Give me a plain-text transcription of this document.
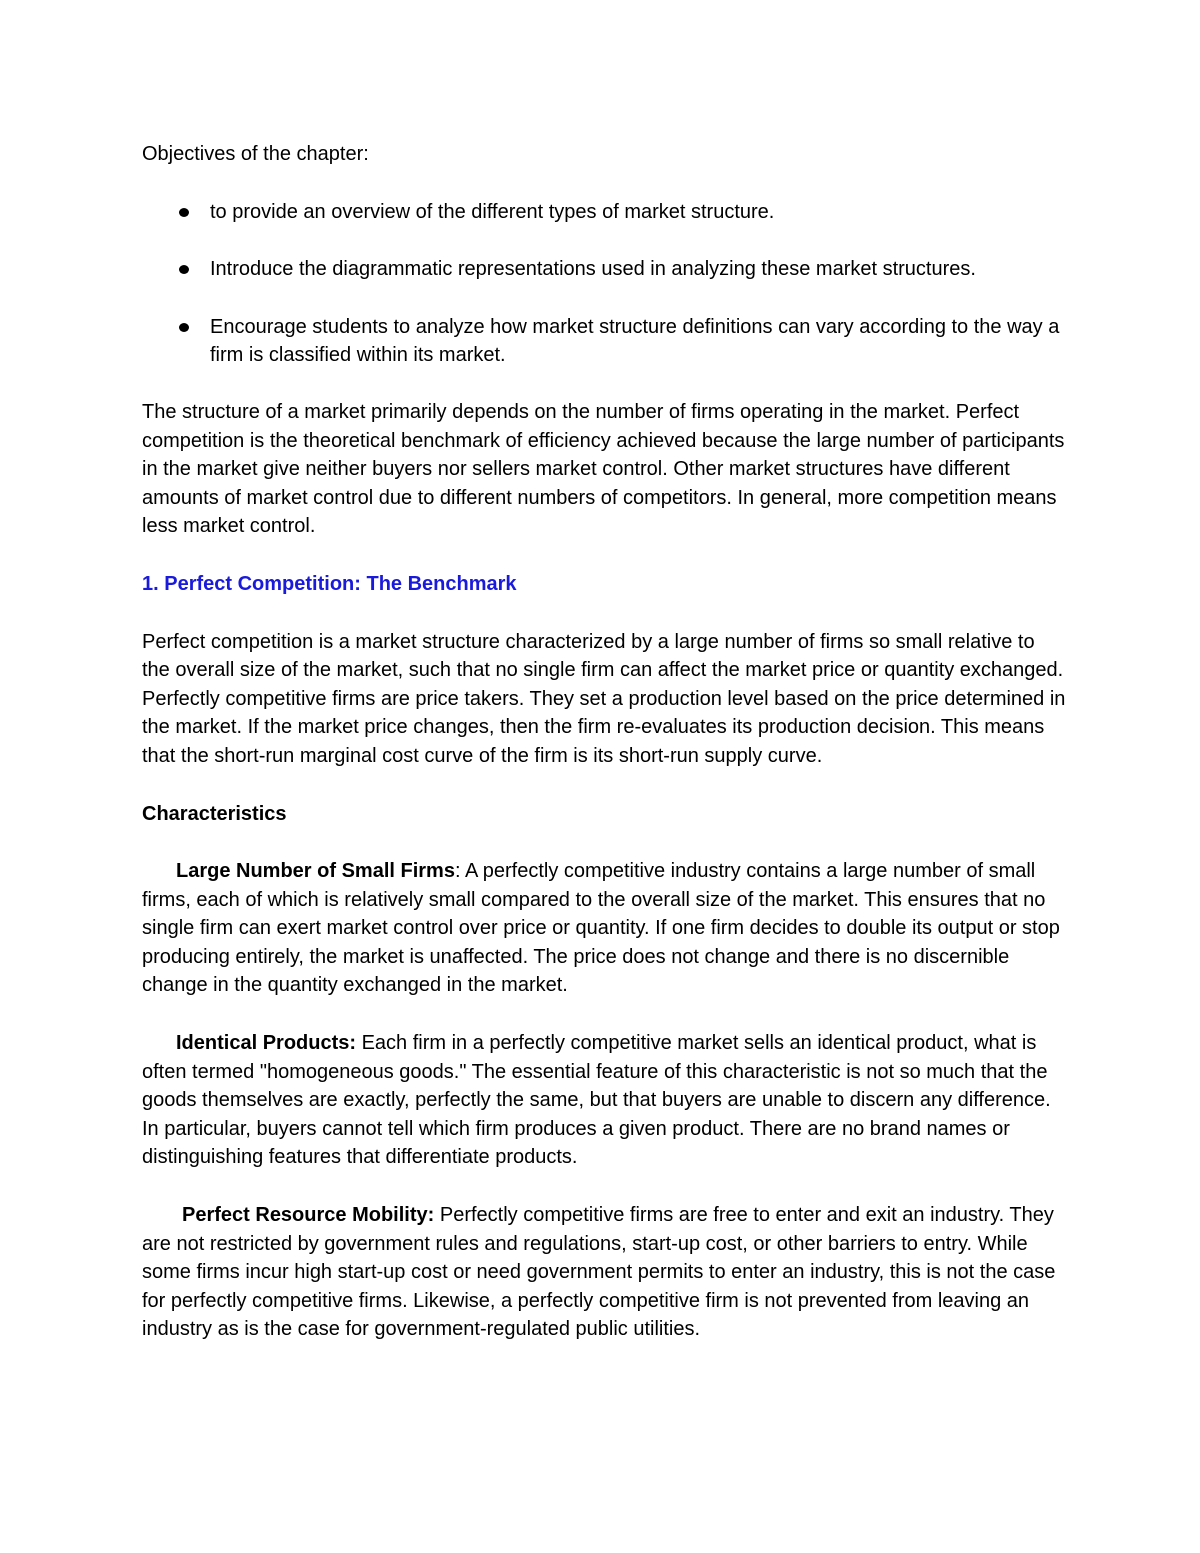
Objectives of the chapter:

to provide an overview of the different types of market structure.
Introduce the diagrammatic representations used in analyzing these market structures.
Encourage students to analyze how market structure definitions can vary according to the way a firm is classified within its market.

The structure of a market primarily depends on the number of firms operating in the market. Perfect competition is the theoretical benchmark of efficiency achieved because the large number of participants in the market give neither buyers nor sellers market control. Other market structures have different amounts of market control due to different numbers of competitors. In general, more competition means less market control.

1. Perfect Competition: The Benchmark

Perfect competition is a market structure characterized by a large number of firms so small relative to the overall size of the market, such that no single firm can affect the market price or quantity exchanged. Perfectly competitive firms are price takers. They set a production level based on the price determined in the market. If the market price changes, then the firm re-evaluates its production decision. This means that the short-run marginal cost curve of the firm is its short-run supply curve.

Characteristics

Large Number of Small Firms: A perfectly competitive industry contains a large number of small firms, each of which is relatively small compared to the overall size of the market. This ensures that no single firm can exert market control over price or quantity. If one firm decides to double its output or stop producing entirely, the market is unaffected. The price does not change and there is no discernible change in the quantity exchanged in the market.

Identical Products: Each firm in a perfectly competitive market sells an identical product, what is often termed "homogeneous goods." The essential feature of this characteristic is not so much that the goods themselves are exactly, perfectly the same, but that buyers are unable to discern any difference. In particular, buyers cannot tell which firm produces a given product. There are no brand names or distinguishing features that differentiate products.

Perfect Resource Mobility: Perfectly competitive firms are free to enter and exit an industry. They are not restricted by government rules and regulations, start-up cost, or other barriers to entry. While some firms incur high start-up cost or need government permits to enter an industry, this is not the case for perfectly competitive firms. Likewise, a perfectly competitive firm is not prevented from leaving an industry as is the case for government-regulated public utilities.
